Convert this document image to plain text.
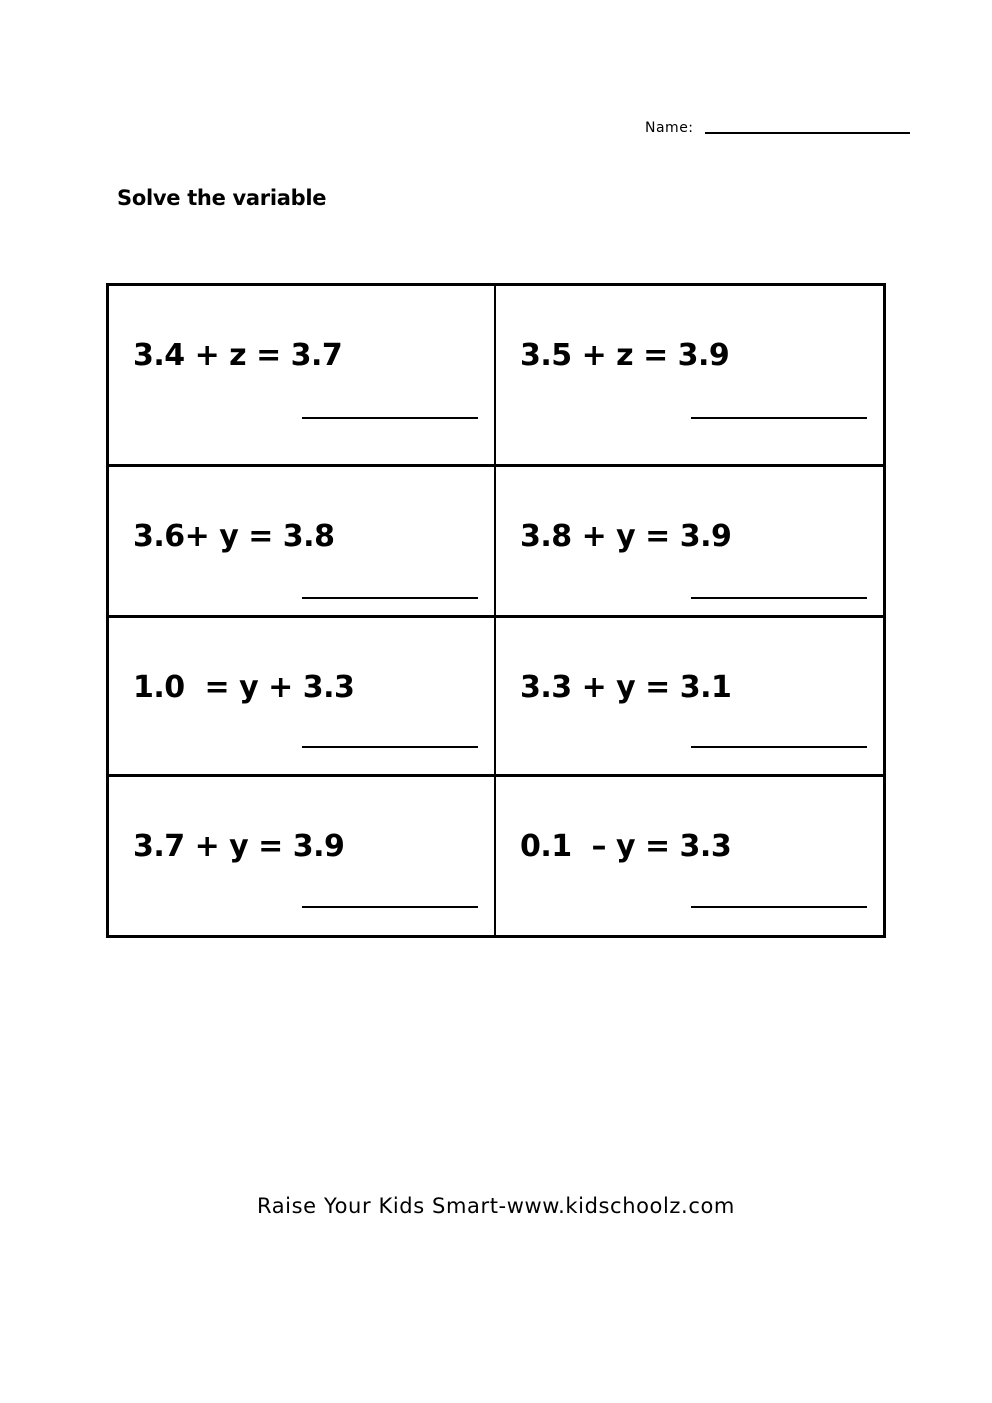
Name:
Solve the variable
3.4 + z = 3.7	3.5 + z = 3.9
3.6+ y = 3.8	3.8 + y = 3.9
1.0  = y + 3.3	3.3 + y = 3.1
3.7 + y = 3.9	0.1  – y = 3.3
Raise Your Kids Smart-www.kidschoolz.com
